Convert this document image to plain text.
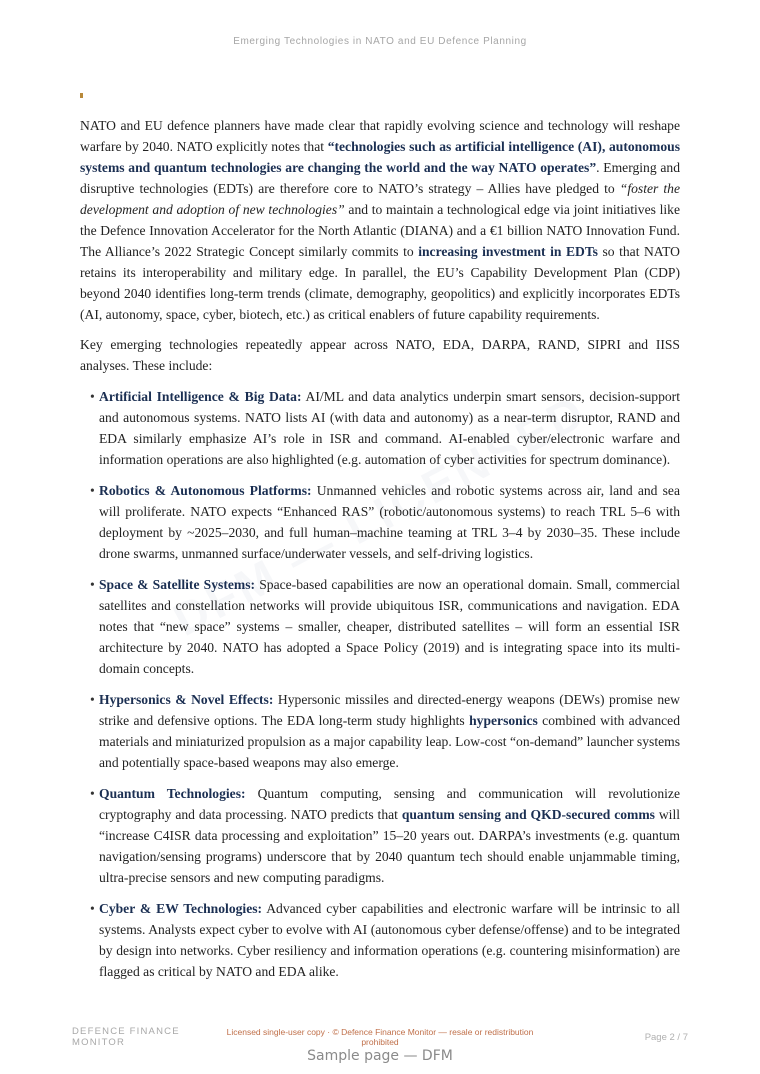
Emerging Technologies in NATO and EU Defence Planning

NATO and EU defence planners have made clear that rapidly evolving science and technology will reshape warfare by 2040. NATO explicitly notes that “technologies such as artificial intelligence (AI), autonomous systems and quantum technologies are changing the world and the way NATO operates”. Emerging and disruptive technologies (EDTs) are therefore core to NATO’s strategy – Allies have pledged to “foster the development and adoption of new technologies” and to maintain a technological edge via joint initiatives like the Defence Innovation Accelerator for the North Atlantic (DIANA) and a €1 billion NATO Innovation Fund. The Alliance’s 2022 Strategic Concept similarly commits to increasing investment in EDTs so that NATO retains its interoperability and military edge. In parallel, the EU’s Capability Development Plan (CDP) beyond 2040 identifies long-term trends (climate, demography, geopolitics) and explicitly incorporates EDTs (AI, autonomy, space, cyber, biotech, etc.) as critical enablers of future capability requirements.

Key emerging technologies repeatedly appear across NATO, EDA, DARPA, RAND, SIPRI and IISS analyses. These include:

• Artificial Intelligence & Big Data: AI/ML and data analytics underpin smart sensors, decision-support and autonomous systems. NATO lists AI (with data and autonomy) as a near-term disruptor, RAND and EDA similarly emphasize AI’s role in ISR and command. AI-enabled cyber/electronic warfare and information operations are also highlighted (e.g. automation of cyber activities for spectrum dominance).
• Robotics & Autonomous Platforms: Unmanned vehicles and robotic systems across air, land and sea will proliferate. NATO expects “Enhanced RAS” (robotic/autonomous systems) to reach TRL 5–6 with deployment by ~2025–2030, and full human–machine teaming at TRL 3–4 by 2030–35. These include drone swarms, unmanned surface/underwater vessels, and self-driving logistics.
• Space & Satellite Systems: Space-based capabilities are now an operational domain. Small, commercial satellites and constellation networks will provide ubiquitous ISR, communications and navigation. EDA notes that “new space” systems – smaller, cheaper, distributed satellites – will form an essential ISR architecture by 2040. NATO has adopted a Space Policy (2019) and is integrating space into its multi-domain concepts.
• Hypersonics & Novel Effects: Hypersonic missiles and directed-energy weapons (DEWs) promise new strike and defensive options. The EDA long-term study highlights hypersonics combined with advanced materials and miniaturized propulsion as a major capability leap. Low-cost “on-demand” launcher systems and potentially space-based weapons may also emerge.
• Quantum Technologies: Quantum computing, sensing and communication will revolutionize cryptography and data processing. NATO predicts that quantum sensing and QKD-secured comms will “increase C4ISR data processing and exploitation” 15–20 years out. DARPA’s investments (e.g. quantum navigation/sensing programs) underscore that by 2040 quantum tech should enable unjammable timing, ultra-precise sensors and new computing paradigms.
• Cyber & EW Technologies: Advanced cyber capabilities and electronic warfare will be intrinsic to all systems. Analysts expect cyber to evolve with AI (autonomous cyber defense/offense) and to be integrated by design into networks. Cyber resiliency and information operations (e.g. countering misinformation) are flagged as critical by NATO and EDA alike.
DEFENCE FINANCE
MONITOR
Licensed single-user copy · © Defence Finance Monitor — resale or redistribution
prohibited	Page 2 / 7
Sample page — DFM
